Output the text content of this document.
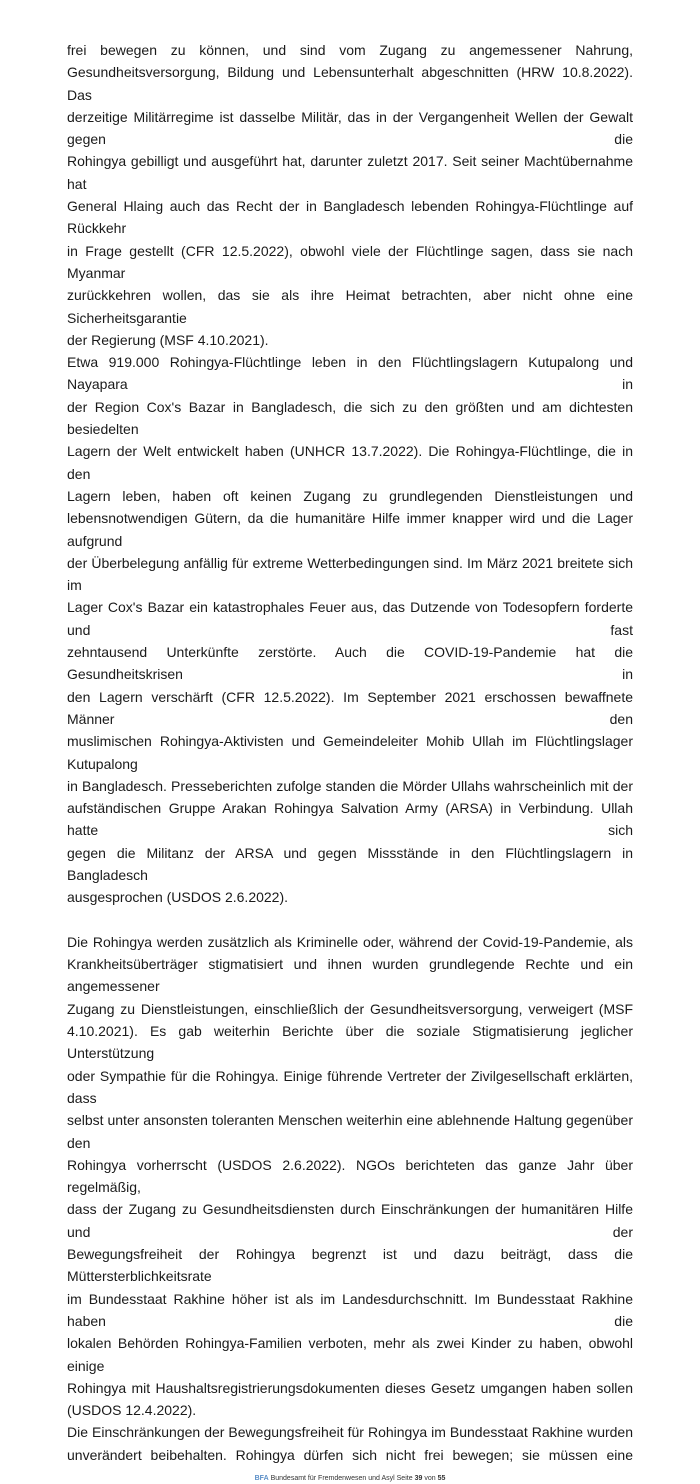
frei bewegen zu können, und sind vom Zugang zu angemessener Nahrung,
Gesundheitsversorgung, Bildung und Lebensunterhalt abgeschnitten (HRW 10.8.2022). Das
derzeitige Militärregime ist dasselbe Militär, das in der Vergangenheit Wellen der Gewalt gegen die
Rohingya gebilligt und ausgeführt hat, darunter zuletzt 2017. Seit seiner Machtübernahme hat
General Hlaing auch das Recht der in Bangladesch lebenden Rohingya-Flüchtlinge auf Rückkehr
in Frage gestellt (CFR 12.5.2022), obwohl viele der Flüchtlinge sagen, dass sie nach Myanmar
zurückkehren wollen, das sie als ihre Heimat betrachten, aber nicht ohne eine Sicherheitsgarantie
der Regierung (MSF 4.10.2021).
Etwa 919.000 Rohingya-Flüchtlinge leben in den Flüchtlingslagern Kutupalong und Nayapara in
der Region Cox's Bazar in Bangladesch, die sich zu den größten und am dichtesten besiedelten
Lagern der Welt entwickelt haben (UNHCR 13.7.2022). Die Rohingya-Flüchtlinge, die in den
Lagern leben, haben oft keinen Zugang zu grundlegenden Dienstleistungen und
lebensnotwendigen Gütern, da die humanitäre Hilfe immer knapper wird und die Lager aufgrund
der Überbelegung anfällig für extreme Wetterbedingungen sind. Im März 2021 breitete sich im
Lager Cox's Bazar ein katastrophales Feuer aus, das Dutzende von Todesopfern forderte und fast
zehntausend Unterkünfte zerstörte. Auch die COVID-19-Pandemie hat die Gesundheitskrisen in
den Lagern verschärft (CFR 12.5.2022). Im September 2021 erschossen bewaffnete Männer den
muslimischen Rohingya-Aktivisten und Gemeindeleiter Mohib Ullah im Flüchtlingslager Kutupalong
in Bangladesch. Presseberichten zufolge standen die Mörder Ullahs wahrscheinlich mit der
aufständischen Gruppe Arakan Rohingya Salvation Army (ARSA) in Verbindung. Ullah hatte sich
gegen die Militanz der ARSA und gegen Missstände in den Flüchtlingslagern in Bangladesch
ausgesprochen (USDOS 2.6.2022).
Die Rohingya werden zusätzlich als Kriminelle oder, während der Covid-19-Pandemie, als
Krankheitsüberträger stigmatisiert und ihnen wurden grundlegende Rechte und ein angemessener
Zugang zu Dienstleistungen, einschließlich der Gesundheitsversorgung, verweigert (MSF
4.10.2021). Es gab weiterhin Berichte über die soziale Stigmatisierung jeglicher Unterstützung
oder Sympathie für die Rohingya. Einige führende Vertreter der Zivilgesellschaft erklärten, dass
selbst unter ansonsten toleranten Menschen weiterhin eine ablehnende Haltung gegenüber den
Rohingya vorherrscht (USDOS 2.6.2022). NGOs berichteten das ganze Jahr über regelmäßig,
dass der Zugang zu Gesundheitsdiensten durch Einschränkungen der humanitären Hilfe und der
Bewegungsfreiheit der Rohingya begrenzt ist und dazu beiträgt, dass die Müttersterblichkeitsrate
im Bundesstaat Rakhine höher ist als im Landesdurchschnitt. Im Bundesstaat Rakhine haben die
lokalen Behörden Rohingya-Familien verboten, mehr als zwei Kinder zu haben, obwohl einige
Rohingya mit Haushaltsregistrierungsdokumenten dieses Gesetz umgangen haben sollen
(USDOS 12.4.2022).
Die Einschränkungen der Bewegungsfreiheit für Rohingya im Bundesstaat Rakhine wurden
unverändert beibehalten. Rohingya dürfen sich nicht frei bewegen; sie müssen eine
BFA Bundesamt für Fremdenwesen und Asyl Seite 39 von 55
